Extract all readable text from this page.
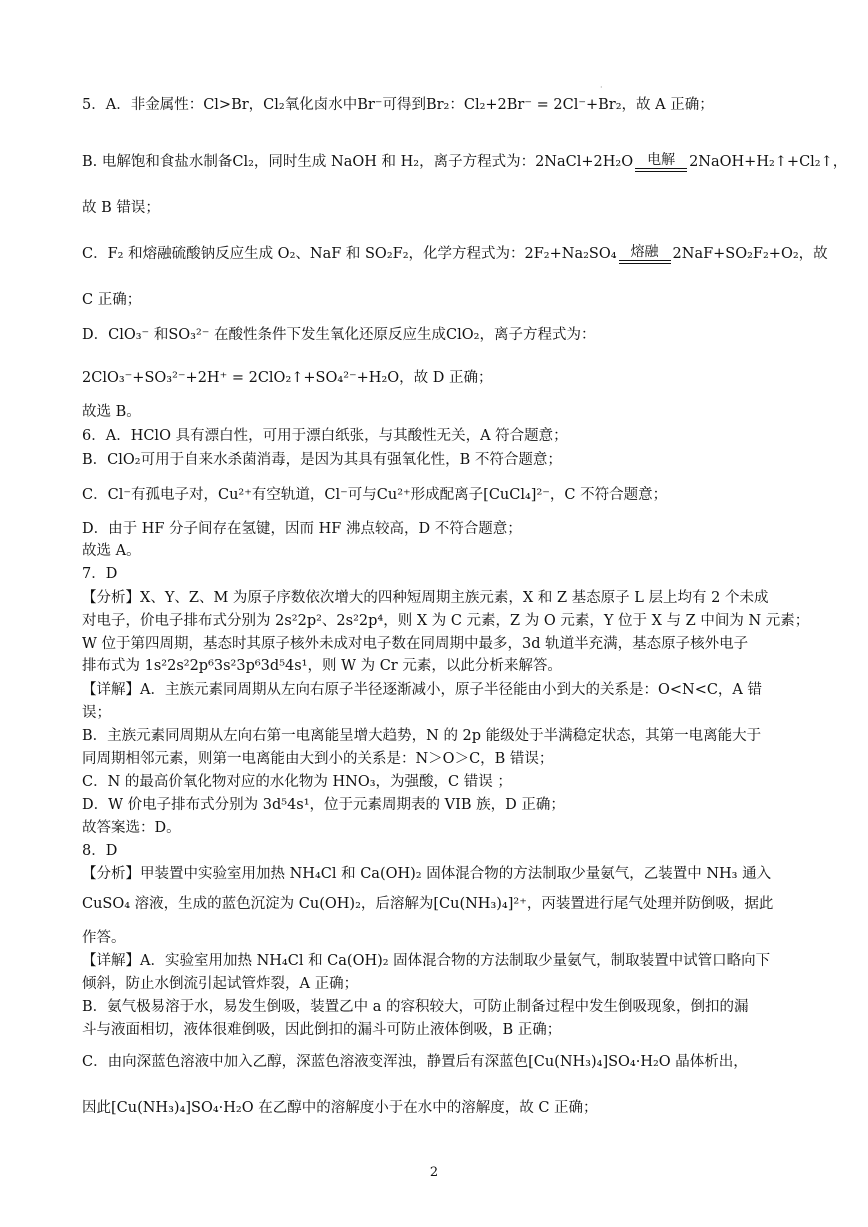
·
5．A．非金属性：Cl>Br，Cl₂氧化卤水中Br⁻可得到Br₂：Cl₂+2Br⁻ = 2Cl⁻+Br₂，故 A 正确；
B. 电解饱和食盐水制备Cl₂，同时生成 NaOH 和 H₂，离子方程式为：2NaCl+2H₂O 电解 2NaOH+H₂↑+Cl₂↑，
故 B 错误；
C．F₂ 和熔融硫酸钠反应生成 O₂、NaF 和 SO₂F₂，化学方程式为：2F₂+Na₂SO₄ 熔融 2NaF+SO₂F₂+O₂，故
C 正确；
D．ClO₃⁻ 和SO₃²⁻ 在酸性条件下发生氧化还原反应生成ClO₂，离子方程式为：
2ClO₃⁻+SO₃²⁻+2H⁺ = 2ClO₂↑+SO₄²⁻+H₂O，故 D 正确；
故选 B。
6．A．HClO 具有漂白性，可用于漂白纸张，与其酸性无关，A 符合题意；
B．ClO₂可用于自来水杀菌消毒，是因为其具有强氧化性，B 不符合题意；
C．Cl⁻有孤电子对，Cu²⁺有空轨道，Cl⁻可与Cu²⁺形成配离子[CuCl₄]²⁻，C 不符合题意；
D．由于 HF 分子间存在氢键，因而 HF 沸点较高，D 不符合题意；
故选 A。
7．D
【分析】X、Y、Z、M 为原子序数依次增大的四种短周期主族元素，X 和 Z 基态原子 L 层上均有 2 个未成
对电子，价电子排布式分别为 2s²2p²、2s²2p⁴，则 X 为 C 元素，Z 为 O 元素，Y 位于 X 与 Z 中间为 N 元素；
W 位于第四周期，基态时其原子核外未成对电子数在同周期中最多，3d 轨道半充满，基态原子核外电子
排布式为 1s²2s²2p⁶3s²3p⁶3d⁵4s¹，则 W 为 Cr 元素，以此分析来解答。
【详解】A．主族元素同周期从左向右原子半径逐渐减小，原子半径能由小到大的关系是：O<N<C，A 错
误；
B．主族元素同周期从左向右第一电离能呈增大趋势，N 的 2p 能级处于半满稳定状态，其第一电离能大于
同周期相邻元素，则第一电离能由大到小的关系是：N＞O＞C，B 错误；
C．N 的最高价氧化物对应的水化物为 HNO₃，为强酸，C 错误 ；
D．W 价电子排布式分别为 3d⁵4s¹，位于元素周期表的 VIB 族，D 正确；
故答案选：D。
8．D
【分析】甲装置中实验室用加热 NH₄Cl 和 Ca(OH)₂ 固体混合物的方法制取少量氨气，乙装置中 NH₃ 通入
CuSO₄ 溶液，生成的蓝色沉淀为 Cu(OH)₂，后溶解为[Cu(NH₃)₄]²⁺，丙装置进行尾气处理并防倒吸，据此
作答。
【详解】A．实验室用加热 NH₄Cl 和 Ca(OH)₂ 固体混合物的方法制取少量氨气，制取装置中试管口略向下
倾斜，防止水倒流引起试管炸裂，A 正确；
B．氨气极易溶于水，易发生倒吸，装置乙中 a 的容积较大，可防止制备过程中发生倒吸现象，倒扣的漏
斗与液面相切，液体很难倒吸，因此倒扣的漏斗可防止液体倒吸，B 正确；
C．由向深蓝色溶液中加入乙醇，深蓝色溶液变浑浊，静置后有深蓝色[Cu(NH₃)₄]SO₄·H₂O 晶体析出，
因此[Cu(NH₃)₄]SO₄·H₂O 在乙醇中的溶解度小于在水中的溶解度，故 C 正确；
2
